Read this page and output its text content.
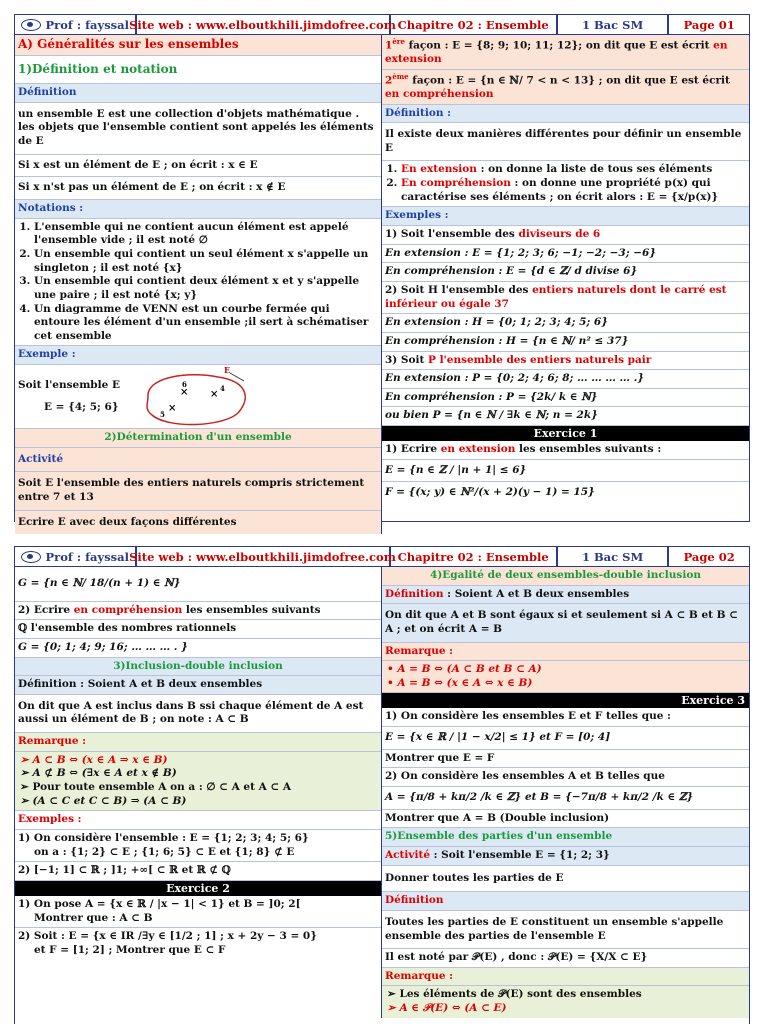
Prof : fayssal Site web : www.elboutkhili.jimdofree.com Chapitre 02 : Ensemble	1 Bac SM	Page 01
A) Généralités sur les ensembles
1)Définition et notation
Définition
un ensemble E est une collection d'objets mathématique . les objets que l'ensemble contient sont appelés les éléments de E
Si x est un élément de E ; on écrit : x ∈ E
Si x n'st pas un élément de E ; on écrit : x ∉ E
Notations :
1. L'ensemble qui ne contient aucun élément est appelé l'ensemble vide ; il est noté ∅
2. Un ensemble qui contient un seul élément x s'appelle un singleton ; il est noté {x}
3. Un ensemble qui contient deux élément x et y s'appelle une paire ; il est noté {x; y}
4. Un diagramme de VENN est un courbe fermée qui entoure les élément d'un ensemble ;il sert à schématiser cet ensemble
Exemple :
Soit l'ensemble E
E = {4; 5; 6}
E
×
6
×
4
×
5
2)Détermination d'un ensemble
Activité
Soit E l'ensemble des entiers naturels compris strictement entre 7 et 13
Ecrire E avec deux façons différentes
1ère façon : E = {8; 9; 10; 11; 12}; on dit que E est écrit en extension
2ème façon : E = {n ∈ ℕ/ 7 < n < 13} ; on dit que E est écrit en compréhension
Définition :
Il existe deux manières différentes pour définir un ensemble E
1. En extension : on donne la liste de tous ses éléments
2. En compréhension : on donne une propriété p(x) qui caractérise ses éléments ; on écrit alors : E = {x/p(x)}
Exemples :
1) Soit l'ensemble des diviseurs de 6
En extension : E = {1; 2; 3; 6; −1; −2; −3; −6}
En compréhension : E = {d ∈ ℤ/ d divise 6}
2) Soit H l'ensemble des entiers naturels dont le carré est inférieur ou égale 37
En extension : H = {0; 1; 2; 3; 4; 5; 6}
En compréhension : H = {n ∈ ℕ/ n² ≤ 37}
3) Soit P l'ensemble des entiers naturels pair
En extension : P = {0; 2; 4; 6; 8; … … … … .}
En compréhension : P = {2k/ k ∈ ℕ}
ou bien P = {n ∈ ℕ / ∃k ∈ ℕ; n = 2k}
Exercice 1
1) Ecrire en extension les ensembles suivants :
E = {n ∈ ℤ / |n + 1| ≤ 6}
F = {(x; y) ∈ ℕ²/(x + 2)(y − 1) = 15}
Prof : fayssal Site web : www.elboutkhili.jimdofree.com Chapitre 02 : Ensemble	1 Bac SM	Page 02
G = {n ∈ ℕ/ 18/(n + 1) ∈ ℕ}
2) Ecrire en compréhension les ensembles suivants
ℚ l'ensemble des nombres rationnels
G = {0; 1; 4; 9; 16; … … … . }
3)Inclusion-double inclusion
Définition : Soient A et B deux ensembles
On dit que A est inclus dans B ssi chaque élément de A est aussi un élément de B ; on note : A ⊂ B
Remarque :
➢ A ⊂ B ⇔ (x ∈ A ⇒ x ∈ B)
➢ A ⊄ B ⇔ (∃x ∈ A et x ∉ B)
➢ Pour toute ensemble A on a : ∅ ⊂ A et A ⊂ A
➢ (A ⊂ C et C ⊂ B) ⇒ (A ⊂ B)
Exemples :
1) On considère l'ensemble : E = {1; 2; 3; 4; 5; 6}
on a : {1; 2} ⊂ E ; {1; 6; 5} ⊂ E et {1; 8} ⊄ E
2) [−1; 1] ⊂ ℝ ; ]1; +∞[ ⊂ ℝ et ℝ ⊄ ℚ
Exercice 2
1) On pose A = {x ∈ ℝ / |x − 1| < 1} et B = ]0; 2[
Montrer que : A ⊂ B
2) Soit : E = {x ∈ IR /∃y ∈ [1/2 ; 1] ; x + 2y − 3 = 0}
et F = [1; 2] ; Montrer que E ⊂ F
4)Egalité de deux ensembles-double inclusion
Définition : Soient A et B deux ensembles
On dit que A et B sont égaux si et seulement si A ⊂ B et B ⊂ A ; et on écrit A = B
Remarque :
• A = B ⇔ (A ⊂ B et B ⊂ A)
• A = B ⇔ (x ∈ A ⇔ x ∈ B)
Exercice 3
1) On considère les ensembles E et F telles que :
E = {x ∈ ℝ / |1 − x/2| ≤ 1} et F = [0; 4]
Montrer que E = F
2) On considère les ensembles A et B telles que
A = {π/8 + kπ/2 /k ∈ ℤ} et B = {−7π/8 + kπ/2 /k ∈ ℤ}
Montrer que A = B (Double inclusion)
5)Ensemble des parties d'un ensemble
Activité : Soit l'ensemble E = {1; 2; 3}
Donner toutes les parties de E
Définition
Toutes les parties de E constituent un ensemble s'appelle ensemble des parties de l'ensemble E
Il est noté par 𝒫(E) , donc : 𝒫(E) = {X/X ⊂ E}
Remarque :
➢ Les éléments de 𝒫(E) sont des ensembles
➢ A ∈ 𝒫(E) ⇔ (A ⊂ E)
